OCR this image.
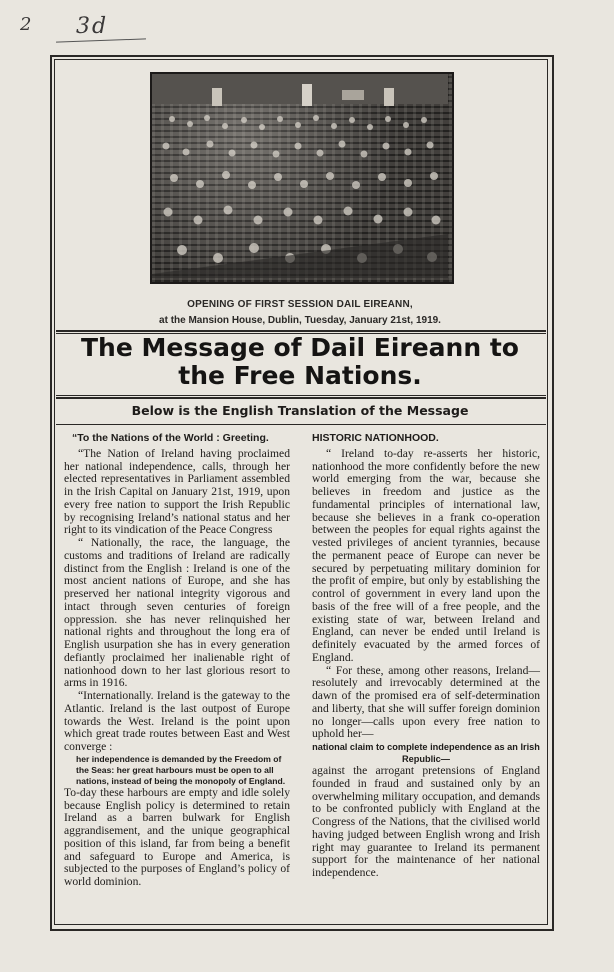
2 3d
OPENING OF FIRST SESSION DAIL EIREANN,
at the Mansion House, Dublin, Tuesday, January 21st, 1919.
The Message of Dail Eireann to
the Free Nations.
Below is the English Translation of the Message

“To the Nations of the World : Greeting.

“The Nation of Ireland having proclaimed her national independence, calls, through her elected representatives in Parliament assembled in the Irish Capital on January 21st, 1919, upon every free nation to support the Irish Republic by recognising Ireland’s national status and her right to its vindication of the Peace Congress

“ Nationally, the race, the language, the customs and traditions of Ireland are radically distinct from the English : Ireland is one of the most ancient nations of Europe, and she has preserved her national integrity vigorous and intact through seven centuries of foreign oppression. she has never relinquished her national rights and throughout the long era of English usurpation she has in every generation defiantly proclaimed her inalienable right of nationhood down to her last glorious resort to arms in 1916.

“Internationally. Ireland is the gateway to the Atlantic. Ireland is the last outpost of Europe towards the West. Ireland is the point upon which great trade routes between East and West converge :

her independence is demanded by the Freedom of the Seas: her great harbours must be open to all nations, instead of being the monopoly of England.

To-day these harbours are empty and idle solely because English policy is determined to retain Ireland as a barren bulwark for English aggrandisement, and the unique geographical position of this island, far from being a benefit and safeguard to Europe and America, is subjected to the purposes of England’s policy of world dominion.

HISTORIC NATIONHOOD.

“ Ireland to-day re-asserts her historic, nationhood the more confidently before the new world emerging from the war, because she believes in freedom and justice as the fundamental principles of international law, because she believes in a frank co-operation between the peoples for equal rights against the vested privileges of ancient tyrannies, because the permanent peace of Europe can never be secured by perpetuating military dominion for the profit of empire, but only by establishing the control of government in every land upon the basis of the free will of a free people, and the existing state of war, between Ireland and England, can never be ended until Ireland is definitely evacuated by the armed forces of England.

“ For these, among other reasons, Ireland—resolutely and irrevocably determined at the dawn of the promised era of self-determination and liberty, that she will suffer foreign dominion no longer—calls upon every free nation to uphold her—

national claim to complete independence as an Irish Republic—

against the arrogant pretensions of England founded in fraud and sustained only by an overwhelming military occupation, and demands to be confronted publicly with England at the Congress of the Nations, that the civilised world having judged between English wrong and Irish right may guarantee to Ireland its permanent support for the maintenance of her national independence.
